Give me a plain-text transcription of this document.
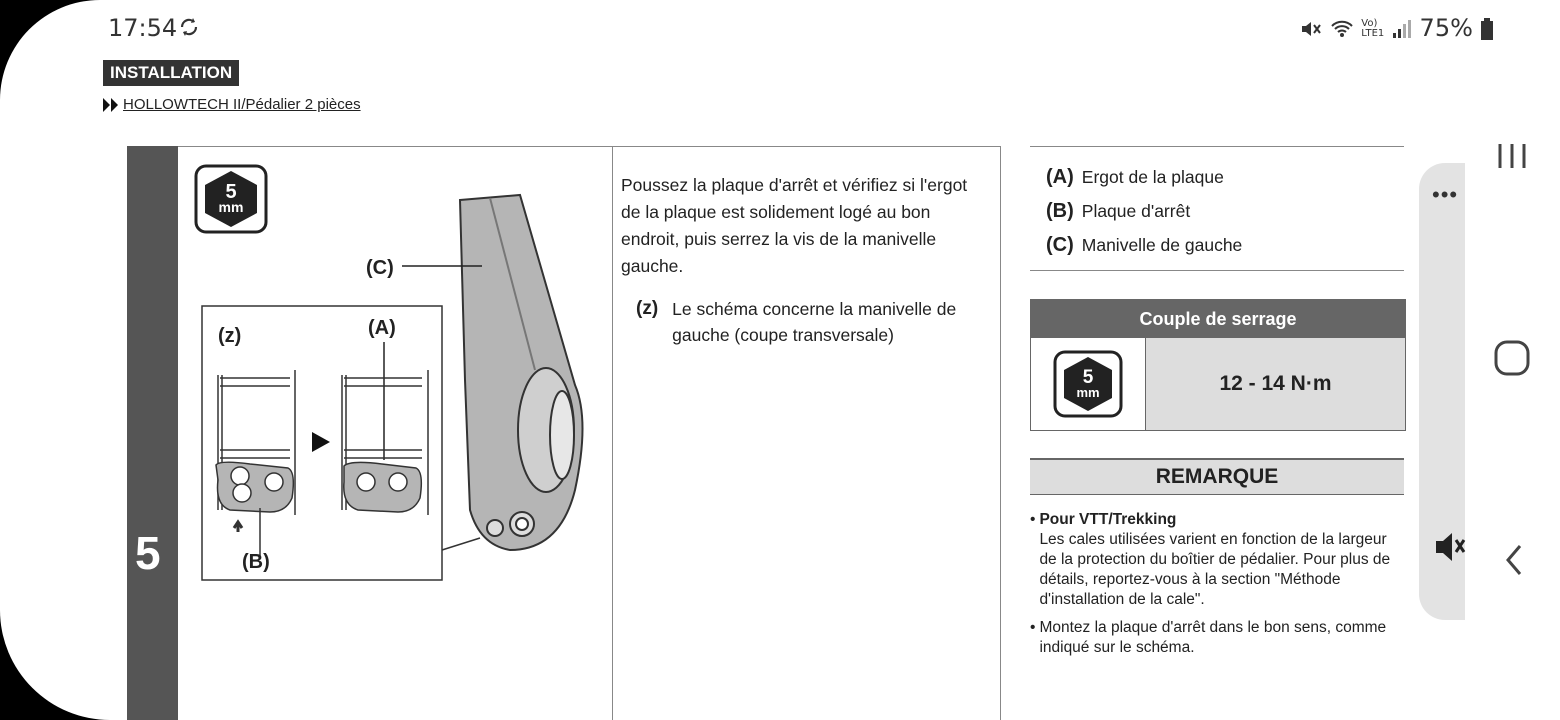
17:54	Vo)
LTE1 75%
INSTALLATION
HOLLOWTECH II/Pédalier 2 pièces
5
5
mm
(C)
(z)	(A)
(B)
Poussez la plaque d'arrêt et vérifiez si l'ergot de la plaque est solidement logé au bon endroit, puis serrez la vis de la manivelle gauche.
(z) Le schéma concerne la manivelle de gauche (coupe transversale)
(A) Ergot de la plaque
(B) Plaque d'arrêt
(C) Manivelle de gauche
Couple de serrage
5
mm	12 - 14 N·m
REMARQUE
• Pour VTT/Trekking
Les cales utilisées varient en fonction de la largeur de la protection du boîtier de pédalier. Pour plus de détails, reportez-vous à la section "Méthode d'installation de la cale".
• Montez la plaque d'arrêt dans le bon sens, comme indiqué sur le schéma.
•••
